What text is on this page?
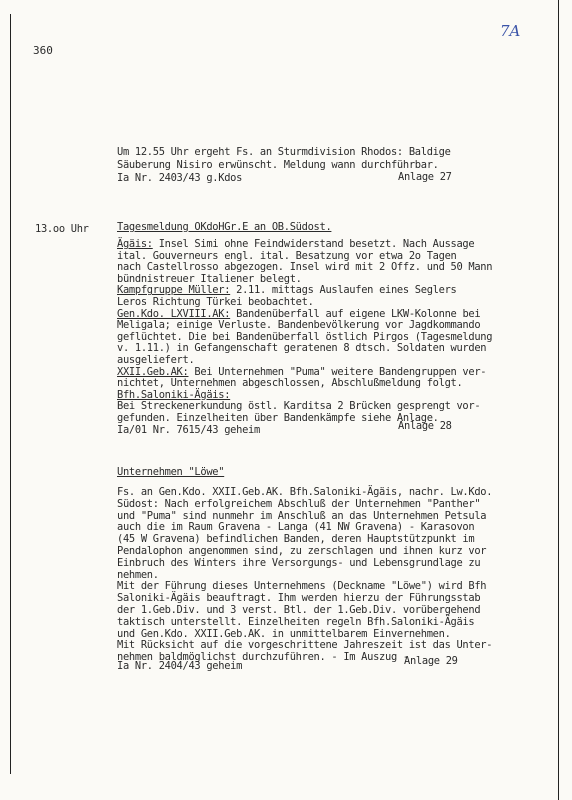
360
7A
Um 12.55 Uhr ergeht Fs. an Sturmdivision Rhodos: Baldige
Säuberung Nisiro erwünscht. Meldung wann durchführbar.
Ia Nr. 2403/43 g.Kdos	Anlage 27
13.oo Uhr	Tagesmeldung OKdoHGr.E an OB.Südost.
Ägäis: Insel Simi ohne Feindwiderstand besetzt. Nach Aussage
ital. Gouverneurs engl. ital. Besatzung vor etwa 2o Tagen
nach Castellrosso abgezogen. Insel wird mit 2 Offz. und 50 Mann
bündnistreuer Italiener belegt.
Kampfgruppe Müller: 2.11. mittags Auslaufen eines Seglers
Leros Richtung Türkei beobachtet.
Gen.Kdo. LXVIII.AK: Bandenüberfall auf eigene LKW-Kolonne bei
Meligala; einige Verluste. Bandenbevölkerung vor Jagdkommando
geflüchtet. Die bei Bandenüberfall östlich Pirgos (Tagesmeldung
v. 1.11.) in Gefangenschaft geratenen 8 dtsch. Soldaten wurden
ausgeliefert.
XXII.Geb.AK: Bei Unternehmen "Puma" weitere Bandengruppen ver-
nichtet, Unternehmen abgeschlossen, Abschlußmeldung folgt.
Bfh.Saloniki-Ägäis:
Bei Streckenerkundung östl. Karditsa 2 Brücken gesprengt vor-
gefunden. Einzelheiten über Bandenkämpfe siehe Anlage.
Ia/01 Nr. 7615/43 geheim	Anlage 28
Unternehmen "Löwe"
Fs. an Gen.Kdo. XXII.Geb.AK. Bfh.Saloniki-Ägäis, nachr. Lw.Kdo.
Südost: Nach erfolgreichem Abschluß der Unternehmen "Panther"
und "Puma" sind nunmehr im Anschluß an das Unternehmen Petsula
auch die im Raum Gravena - Langa (41 NW Gravena) - Karasovon
(45 W Gravena) befindlichen Banden, deren Hauptstützpunkt im
Pendalophon angenommen sind, zu zerschlagen und ihnen kurz vor
Einbruch des Winters ihre Versorgungs- und Lebensgrundlage zu
nehmen.
Mit der Führung dieses Unternehmens (Deckname "Löwe") wird Bfh
Saloniki-Ägäis beauftragt. Ihm werden hierzu der Führungsstab
der 1.Geb.Div. und 3 verst. Btl. der 1.Geb.Div. vorübergehend
taktisch unterstellt. Einzelheiten regeln Bfh.Saloniki-Ägäis
und Gen.Kdo. XXII.Geb.AK. in unmittelbarem Einvernehmen.
Mit Rücksicht auf die vorgeschrittene Jahreszeit ist das Unter-
nehmen baldmöglichst durchzuführen. - Im Auszug -
Ia Nr. 2404/43 geheim	Anlage 29
